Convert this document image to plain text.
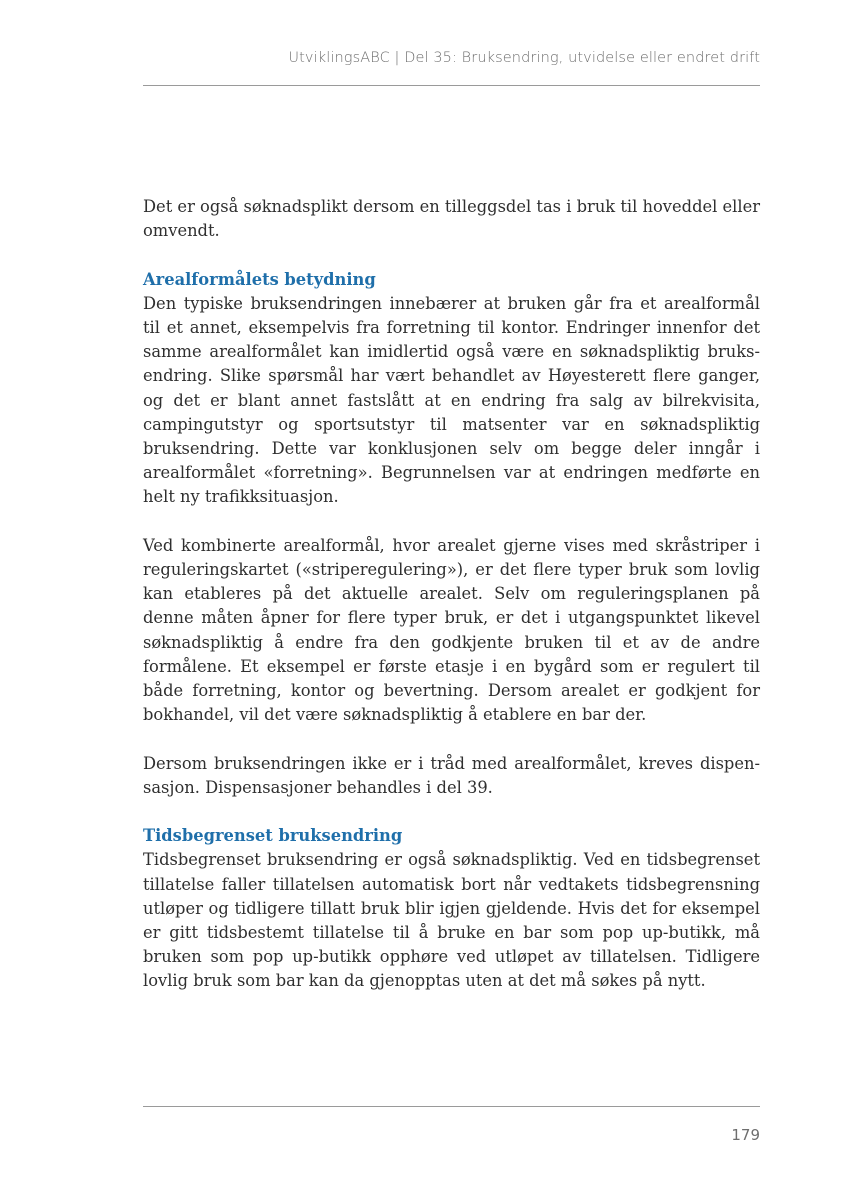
UtviklingsABC | Del 35: Bruksendring, utvidelse eller endret drift

Det er også søknadsplikt dersom en tilleggsdel tas i bruk til hoveddel eller omvendt.

Arealformålets betydning

Den typiske bruksendringen innebærer at bruken går fra et arealformål til et annet, eksempelvis fra forretning til kontor. Endringer innenfor det samme arealformålet kan imidlertid også være en søknadspliktig bruksendring. Slike spørsmål har vært behandlet av Høyesterett flere ganger, og det er blant annet fastslått at en endring fra salg av bilrekvisita, campingutstyr og sportsutstyr til matsenter var en søknadspliktig bruksendring. Dette var konklusjonen selv om begge deler inngår i arealformålet «forretning». Begrunnelsen var at endringen medførte en helt ny trafikksituasjon.

Ved kombinerte arealformål, hvor arealet gjerne vises med skråstriper i reguleringskartet («striperegulering»), er det flere typer bruk som lovlig kan etableres på det aktuelle arealet. Selv om reguleringsplanen på denne måten åpner for flere typer bruk, er det i utgangspunktet likevel søknadspliktig å endre fra den godkjente bruken til et av de andre formålene. Et eksempel er første etasje i en bygård som er regulert til både forretning, kontor og bevertning. Dersom arealet er godkjent for bokhandel, vil det være søknadspliktig å etablere en bar der.

Dersom bruksendringen ikke er i tråd med arealformålet, kreves dispensasjon. Dispensasjoner behandles i del 39.

Tidsbegrenset bruksendring

Tidsbegrenset bruksendring er også søknadspliktig. Ved en tidsbegrenset tillatelse faller tillatelsen automatisk bort når vedtakets tidsbegrensning utløper og tidligere tillatt bruk blir igjen gjeldende. Hvis det for eksempel er gitt tidsbestemt tillatelse til å bruke en bar som pop up-butikk, må bruken som pop up-butikk opphøre ved utløpet av tillatelsen. Tidligere lovlig bruk som bar kan da gjenopptas uten at det må søkes på nytt.

179
